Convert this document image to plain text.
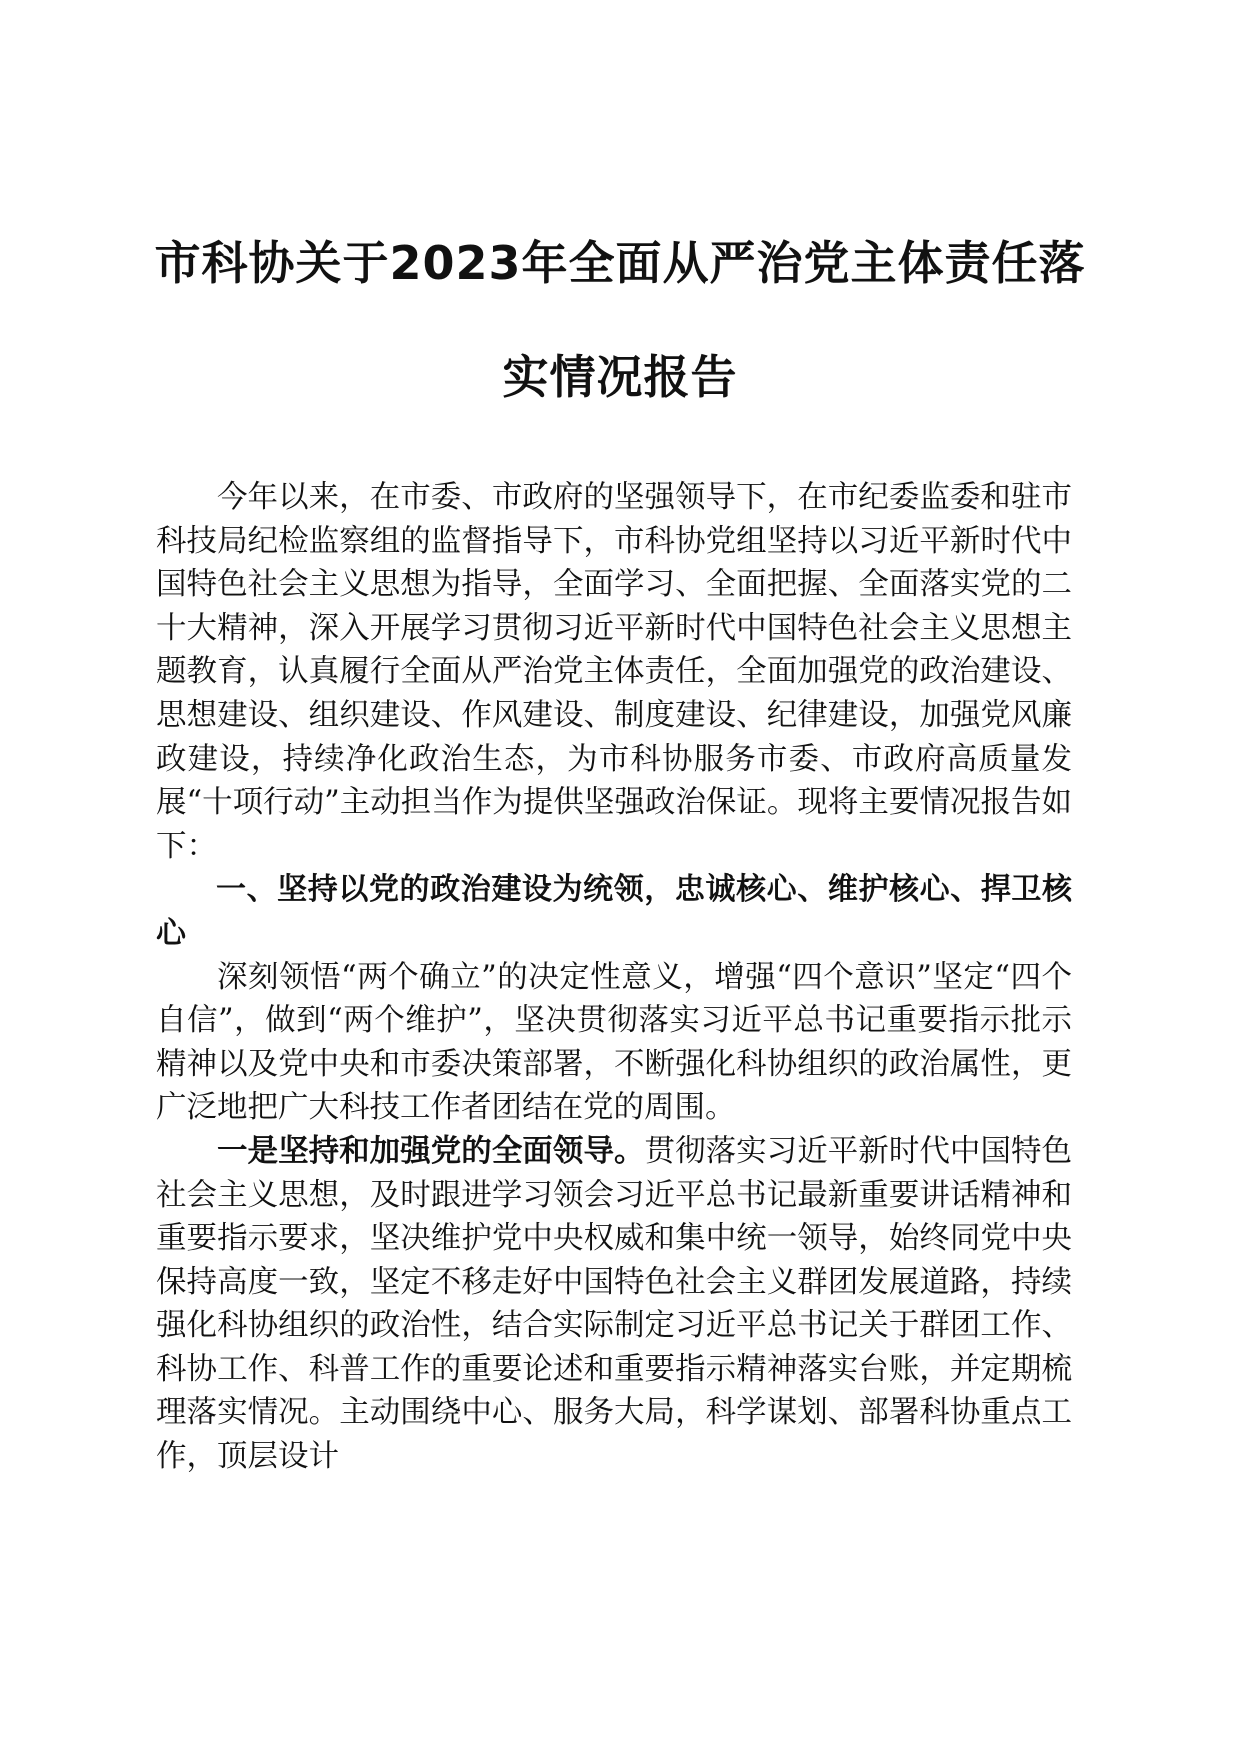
市科协关于2023年全面从严治党主体责任落
实情况报告

今年以来，在市委、市政府的坚强领导下，在市纪委监委和驻市科技局纪检监察组的监督指导下，市科协党组坚持以习近平新时代中国特色社会主义思想为指导，全面学习、全面把握、全面落实党的二十大精神，深入开展学习贯彻习近平新时代中国特色社会主义思想主题教育，认真履行全面从严治党主体责任，全面加强党的政治建设、思想建设、组织建设、作风建设、制度建设、纪律建设，加强党风廉政建设，持续净化政治生态，为市科协服务市委、市政府高质量发展“十项行动”主动担当作为提供坚强政治保证。现将主要情况报告如下：

一、坚持以党的政治建设为统领，忠诚核心、维护核心、捍卫核心

深刻领悟“两个确立”的决定性意义，增强“四个意识”坚定“四个自信”，做到“两个维护”，坚决贯彻落实习近平总书记重要指示批示精神以及党中央和市委决策部署，不断强化科协组织的政治属性，更广泛地把广大科技工作者团结在党的周围。

一是坚持和加强党的全面领导。贯彻落实习近平新时代中国特色社会主义思想，及时跟进学习领会习近平总书记最新重要讲话精神和重要指示要求，坚决维护党中央权威和集中统一领导，始终同党中央保持高度一致，坚定不移走好中国特色社会主义群团发展道路，持续强化科协组织的政治性，结合实际制定习近平总书记关于群团工作、科协工作、科普工作的重要论述和重要指示精神落实台账，并定期梳理落实情况。主动围绕中心、服务大局，科学谋划、部署科协重点工作，顶层设计
